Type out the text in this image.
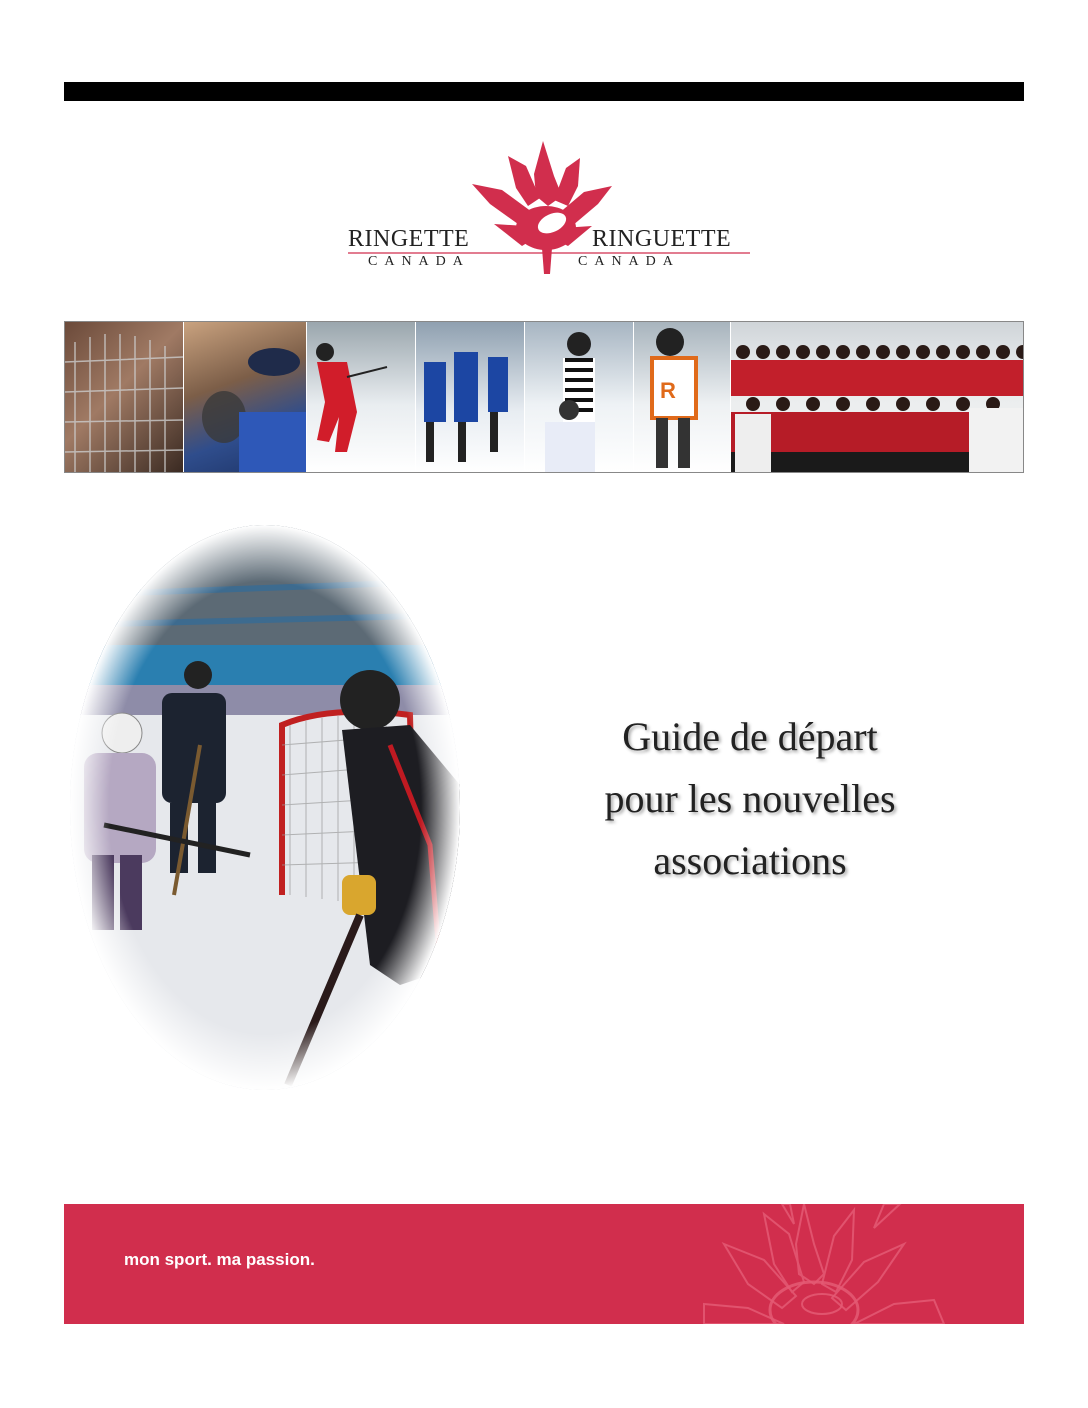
RINGETTE
CANADA
RINGUETTE
CANADA
R
Guide de départ
pour les nouvelles
associations
mon sport. ma passion.
